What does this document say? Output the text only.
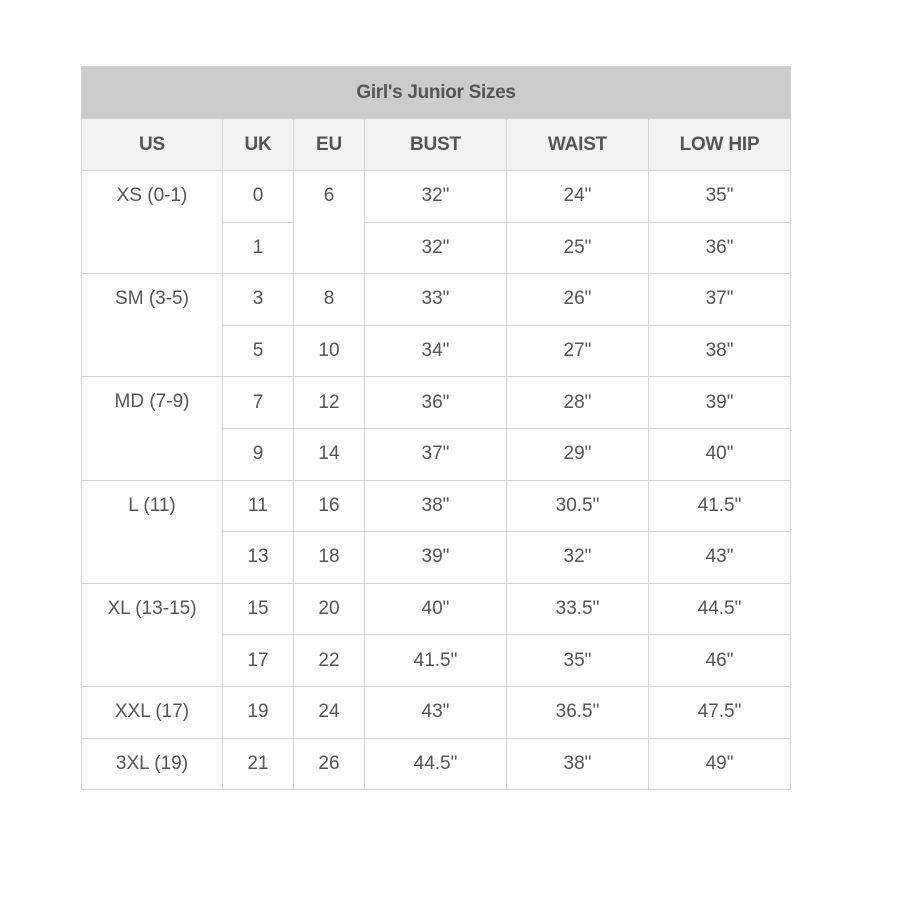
Girl's Junior Sizes					
US	UK	EU	BUST	WAIST	LOW HIP
XS (0-1)	0	6	32"	24"	35"
	1		32"	25"	36"
SM (3-5)	3	8	33"	26"	37"
	5	10	34"	27"	38"
MD (7-9)	7	12	36"	28"	39"
	9	14	37"	29"	40"
L (11)	11	16	38"	30.5"	41.5"
	13	18	39"	32"	43"
XL (13-15)	15	20	40"	33.5"	44.5"
	17	22	41.5"	35"	46"
XXL (17)	19	24	43"	36.5"	47.5"
3XL (19)	21	26	44.5"	38"	49"
